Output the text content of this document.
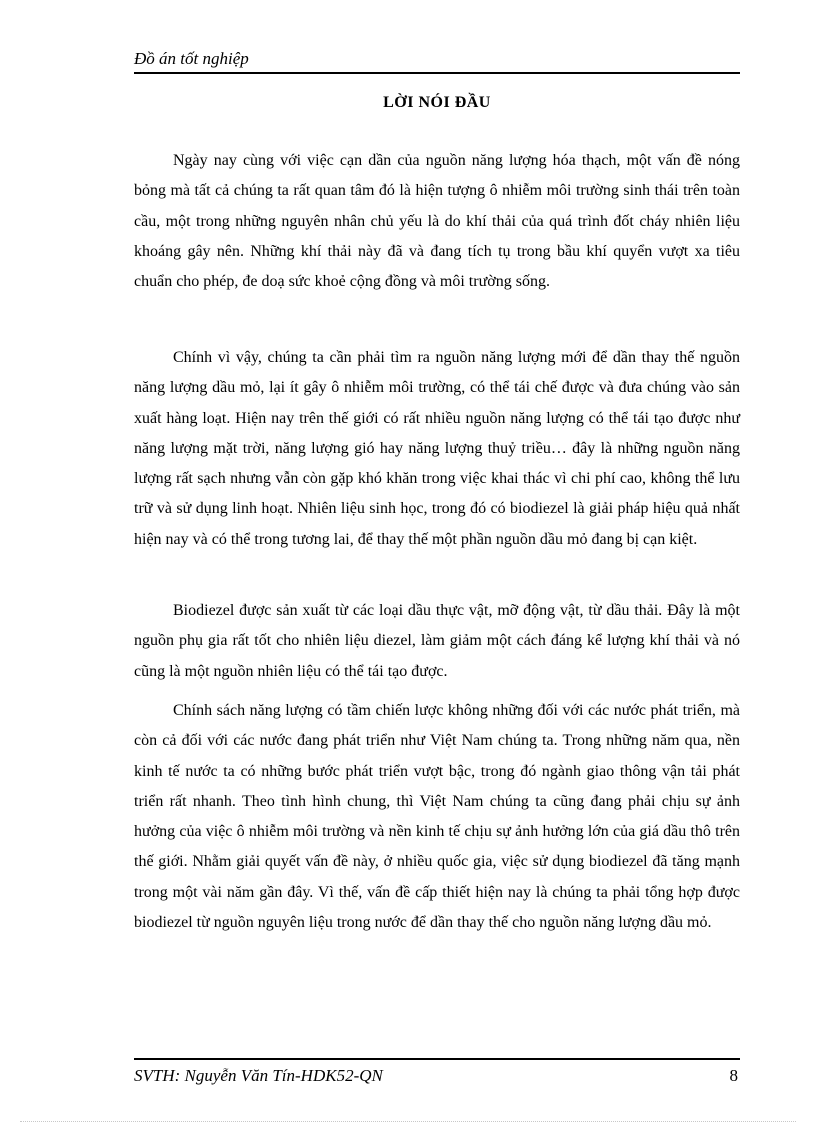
Đồ án tốt nghiệp
LỜI NÓI ĐẦU

Ngày nay cùng với việc cạn dần của nguồn năng lượng hóa thạch, một vấn đề nóng bỏng mà tất cả chúng ta rất quan tâm đó là hiện tượng ô nhiễm môi trường sinh thái trên toàn cầu, một trong những nguyên nhân chủ yếu là do khí thải của quá trình đốt cháy nhiên liệu khoáng gây nên. Những khí thải này đã và đang tích tụ trong bầu khí quyển vượt xa tiêu chuẩn cho phép, đe doạ sức khoẻ cộng đồng và môi trường sống.

Chính vì vậy, chúng ta cần phải tìm ra nguồn năng lượng mới để dần thay thế nguồn năng lượng dầu mỏ, lại ít gây ô nhiễm môi trường, có thể tái chế được và đưa chúng vào sản xuất hàng loạt. Hiện nay trên thế giới có rất nhiều nguồn năng lượng có thể tái tạo được như năng lượng mặt trời, năng lượng gió hay năng lượng thuỷ triều… đây là những nguồn năng lượng rất sạch nhưng vẫn còn gặp khó khăn trong việc khai thác vì chi phí cao, không thể lưu trữ và sử dụng linh hoạt. Nhiên liệu sinh học, trong đó có biodiezel là giải pháp hiệu quả nhất hiện nay và có thể trong tương lai, để thay thế một phần nguồn dầu mỏ đang bị cạn kiệt.

Biodiezel được sản xuất từ các loại dầu thực vật, mỡ động vật, từ dầu thải. Đây là một nguồn phụ gia rất tốt cho nhiên liệu diezel, làm giảm một cách đáng kể lượng khí thải và nó cũng là một nguồn nhiên liệu có thể tái tạo được.

Chính sách năng lượng có tầm chiến lược không những đối với các nước phát triển, mà còn cả đối với các nước đang phát triển như Việt Nam chúng ta. Trong những năm qua, nền kinh tế nước ta có những bước phát triển vượt bậc, trong đó ngành giao thông vận tải phát triển rất nhanh. Theo tình hình chung, thì Việt Nam chúng ta cũng đang phải chịu sự ảnh hưởng của việc ô nhiễm môi trường và nền kinh tế chịu sự ảnh hưởng lớn của giá dầu thô trên thế giới. Nhằm giải quyết vấn đề này, ở nhiều quốc gia, việc sử dụng biodiezel đã tăng mạnh trong một vài năm gần đây. Vì thế, vấn đề cấp thiết hiện nay là chúng ta phải tổng hợp được biodiezel từ nguồn nguyên liệu trong nước để dần thay thế cho nguồn năng lượng dầu mỏ.

SVTH: Nguyễn Văn Tín-HDK52-QN	8
